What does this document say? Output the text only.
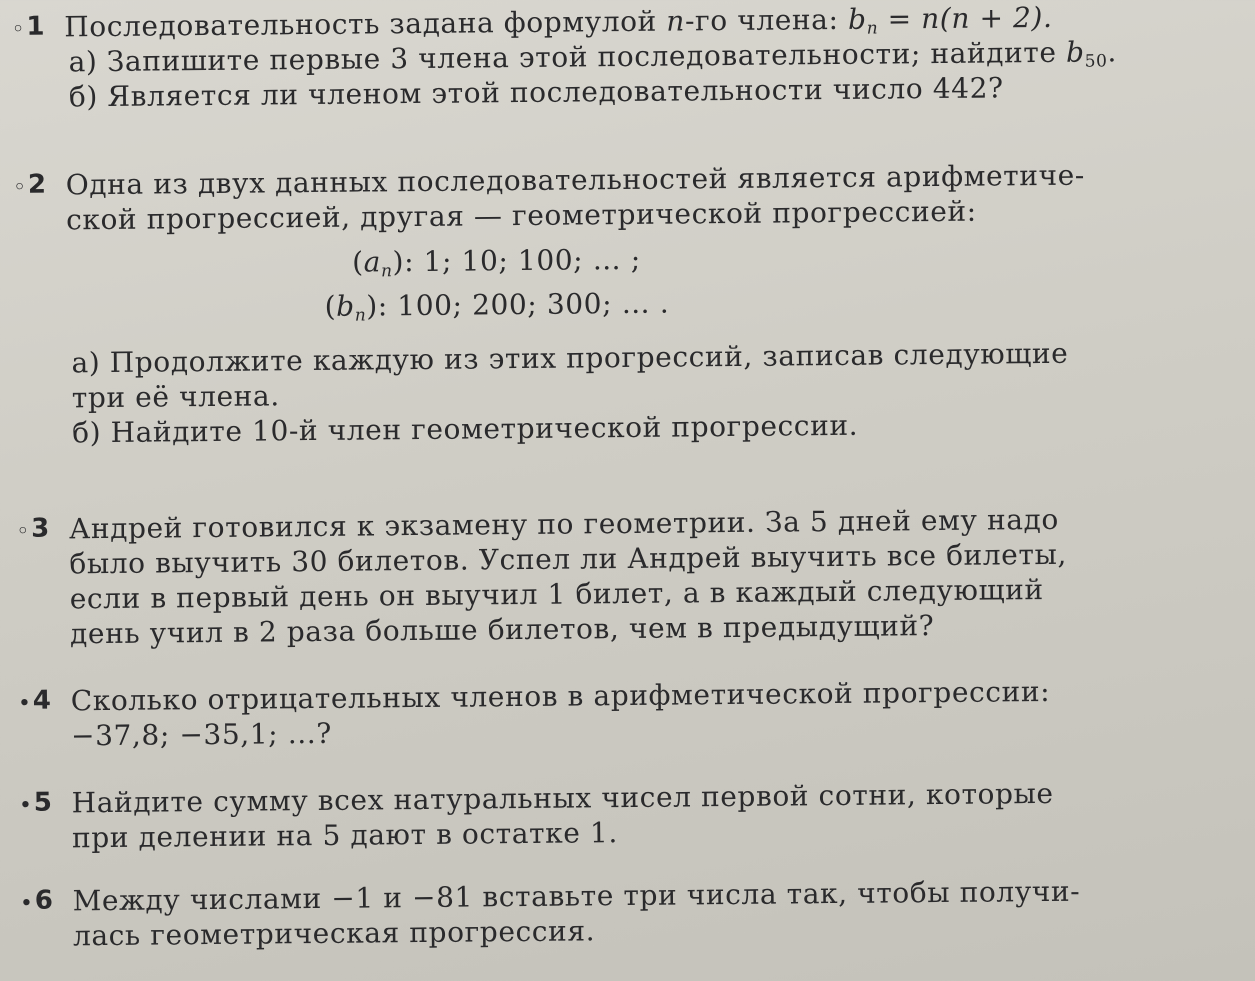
◦1 Последовательность задана формулой n-го члена: $b_n = n(n + 2)$.
а) Запишите первые 3 члена этой последовательности; найдите $b_{50}$.
б) Является ли членом этой последовательности число 442?
◦2 Одна из двух данных последовательностей является арифметиче-
ской прогрессией, другая — геометрической прогрессией:
$(a_n)$: 1; 10; 100; … ;
$(b_n)$: 100; 200; 300; … .
а) Продолжите каждую из этих прогрессий, записав следующие
три её члена.
б) Найдите 10-й член геометрической прогрессии.
◦3 Андрей готовился к экзамену по геометрии. За 5 дней ему надо
было выучить 30 билетов. Успел ли Андрей выучить все билеты,
если в первый день он выучил 1 билет, а в каждый следующий
день учил в 2 раза больше билетов, чем в предыдущий?
•4 Сколько отрицательных членов в арифметической прогрессии:
−37,8; −35,1; ...?
•5 Найдите сумму всех натуральных чисел первой сотни, которые
при делении на 5 дают в остатке 1.
•6 Между числами −1 и −81 вставьте три числа так, чтобы получи-
лась геометрическая прогрессия.
